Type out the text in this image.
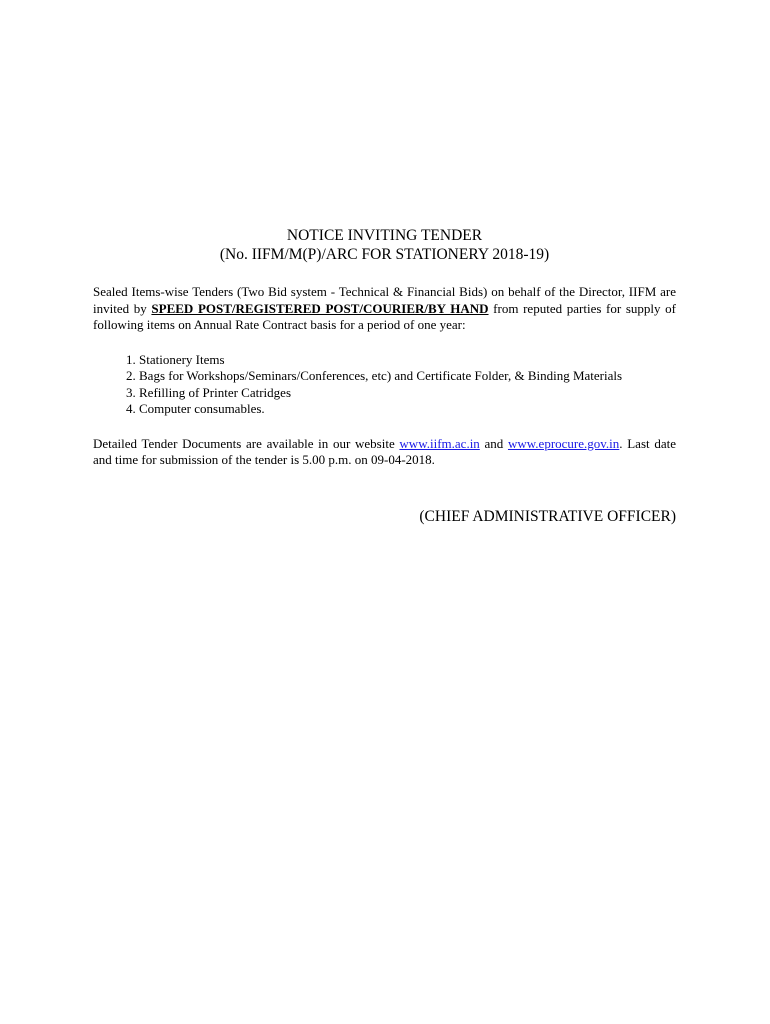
NOTICE INVITING TENDER
(No. IIFM/M(P)/ARC FOR STATIONERY 2018-19)

Sealed Items-wise Tenders (Two Bid system - Technical & Financial Bids) on behalf of the Director, IIFM are invited by SPEED POST/REGISTERED POST/COURIER/BY HAND from reputed parties for supply of following items on Annual Rate Contract basis for a period of one year:

1. Stationery Items
2. Bags for Workshops/Seminars/Conferences, etc) and Certificate Folder, & Binding Materials
3. Refilling of Printer Catridges
4. Computer consumables.

Detailed Tender Documents are available in our website www.iifm.ac.in and www.eprocure.gov.in. Last date and time for submission of the tender is 5.00 p.m. on 09-04-2018.

(CHIEF ADMINISTRATIVE OFFICER)
